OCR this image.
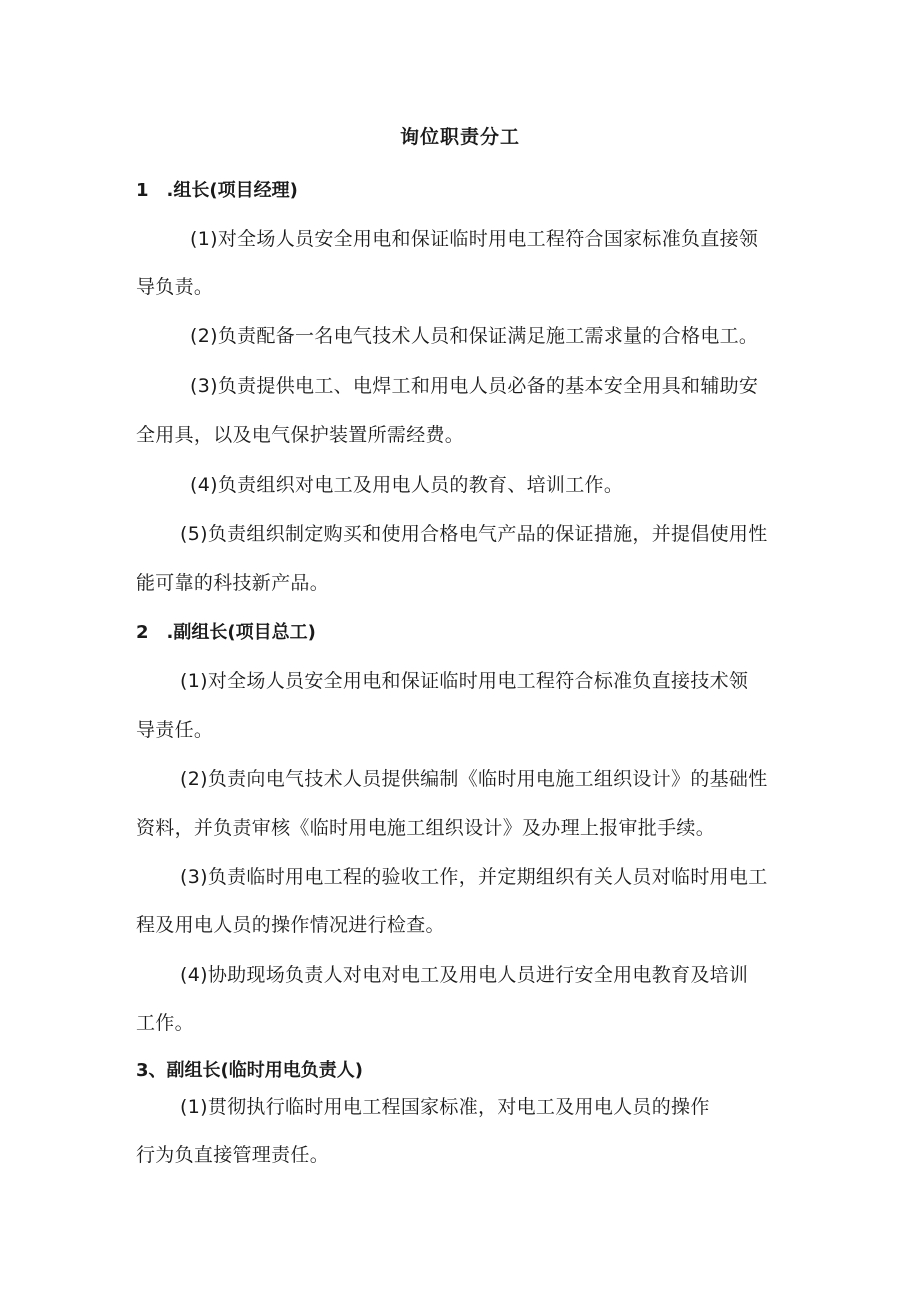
询位职责分工
1　.组长(项目经理)
(1)对全场人员安全用电和保证临时用电工程符合国家标准负直接领
导负责。
(2)负责配备一名电气技术人员和保证满足施工需求量的合格电工。
(3)负责提供电工、电焊工和用电人员必备的基本安全用具和辅助安
全用具，以及电气保护装置所需经费。
(4)负责组织对电工及用电人员的教育、培训工作。
(5)负责组织制定购买和使用合格电气产品的保证措施，并提倡使用性
能可靠的科技新产品。
2　.副组长(项目总工)
(1)对全场人员安全用电和保证临时用电工程符合标准负直接技术领
导责任。
(2)负责向电气技术人员提供编制《临时用电施工组织设计》的基础性
资料，并负责审核《临时用电施工组织设计》及办理上报审批手续。
(3)负责临时用电工程的验收工作，并定期组织有关人员对临时用电工
程及用电人员的操作情况进行检查。
(4)协助现场负责人对电对电工及用电人员进行安全用电教育及培训
工作。
3、副组长(临时用电负责人)
(1)贯彻执行临时用电工程国家标准，对电工及用电人员的操作
行为负直接管理责任。
